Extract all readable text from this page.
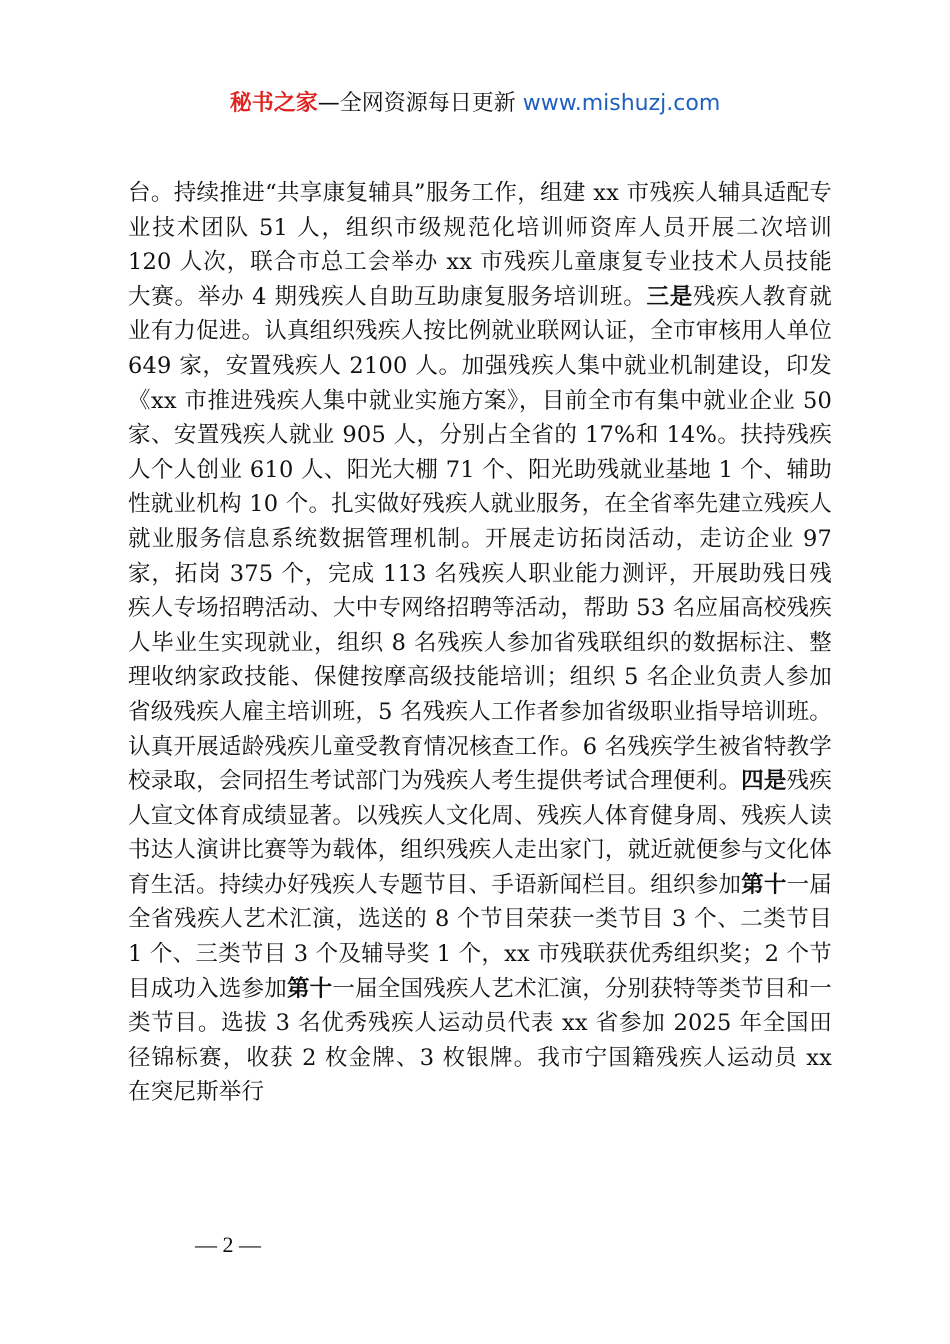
秘书之家—全网资源每日更新 www.mishuzj.com
台。持续推进“共享康复辅具”服务工作，组建 xx 市残疾人辅具适配专业技术团队 51 人，组织市级规范化培训师资库人员开展二次培训 120 人次，联合市总工会举办 xx 市残疾儿童康复专业技术人员技能大赛。举办 4 期残疾人自助互助康复服务培训班。三是残疾人教育就业有力促进。认真组织残疾人按比例就业联网认证，全市审核用人单位 649 家，安置残疾人 2100 人。加强残疾人集中就业机制建设，印发《xx 市推进残疾人集中就业实施方案》，目前全市有集中就业企业 50 家、安置残疾人就业 905 人，分别占全省的 17%和 14%。扶持残疾人个人创业 610 人、阳光大棚 71 个、阳光助残就业基地 1 个、辅助性就业机构 10 个。扎实做好残疾人就业服务，在全省率先建立残疾人就业服务信息系统数据管理机制。开展走访拓岗活动，走访企业 97 家，拓岗 375 个，完成 113 名残疾人职业能力测评，开展助残日残疾人专场招聘活动、大中专网络招聘等活动，帮助 53 名应届高校残疾人毕业生实现就业，组织 8 名残疾人参加省残联组织的数据标注、整理收纳家政技能、保健按摩高级技能培训；组织 5 名企业负责人参加省级残疾人雇主培训班，5 名残疾人工作者参加省级职业指导培训班。认真开展适龄残疾儿童受教育情况核查工作。6 名残疾学生被省特教学校录取，会同招生考试部门为残疾人考生提供考试合理便利。四是残疾人宣文体育成绩显著。以残疾人文化周、残疾人体育健身周、残疾人读书达人演讲比赛等为载体，组织残疾人走出家门，就近就便参与文化体育生活。持续办好残疾人专题节目、手语新闻栏目。组织参加第十一届全省残疾人艺术汇演，选送的 8 个节目荣获一类节目 3 个、二类节目 1 个、三类节目 3 个及辅导奖 1 个，xx 市残联获优秀组织奖；2 个节目成功入选参加第十一届全国残疾人艺术汇演，分别获特等类节目和一类节目。选拔 3 名优秀残疾人运动员代表 xx 省参加 2025 年全国田径锦标赛，收获 2 枚金牌、3 枚银牌。我市宁国籍残疾人运动员 xx 在突尼斯举行
— 2 —
